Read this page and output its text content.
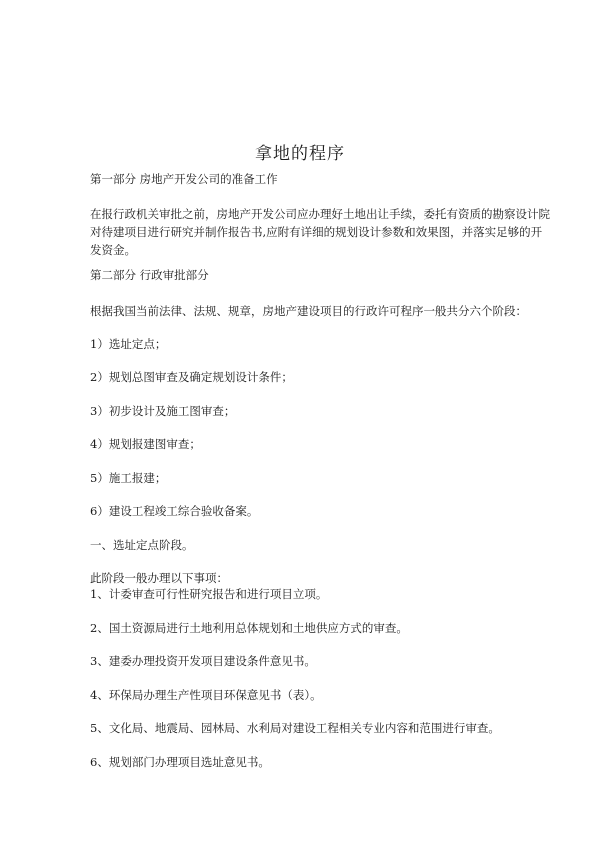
拿地的程序
第一部分 房地产开发公司的准备工作
在报行政机关审批之前，房地产开发公司应办理好土地出让手续，委托有资质的勘察设计院
对待建项目进行研究并制作报告书,应附有详细的规划设计参数和效果图，并落实足够的开
发资金。
第二部分 行政审批部分
根据我国当前法律、法规、规章，房地产建设项目的行政许可程序一般共分六个阶段：
1）选址定点；
2）规划总图审查及确定规划设计条件；
3）初步设计及施工图审查；
4）规划报建图审查；
5）施工报建；
6）建设工程竣工综合验收备案。
一、选址定点阶段。
此阶段一般办理以下事项：
1、计委审查可行性研究报告和进行项目立项。
2、国土资源局进行土地利用总体规划和土地供应方式的审查。
3、建委办理投资开发项目建设条件意见书。
4、环保局办理生产性项目环保意见书（表）。
5、文化局、地震局、园林局、水利局对建设工程相关专业内容和范围进行审查。
6、规划部门办理项目选址意见书。
